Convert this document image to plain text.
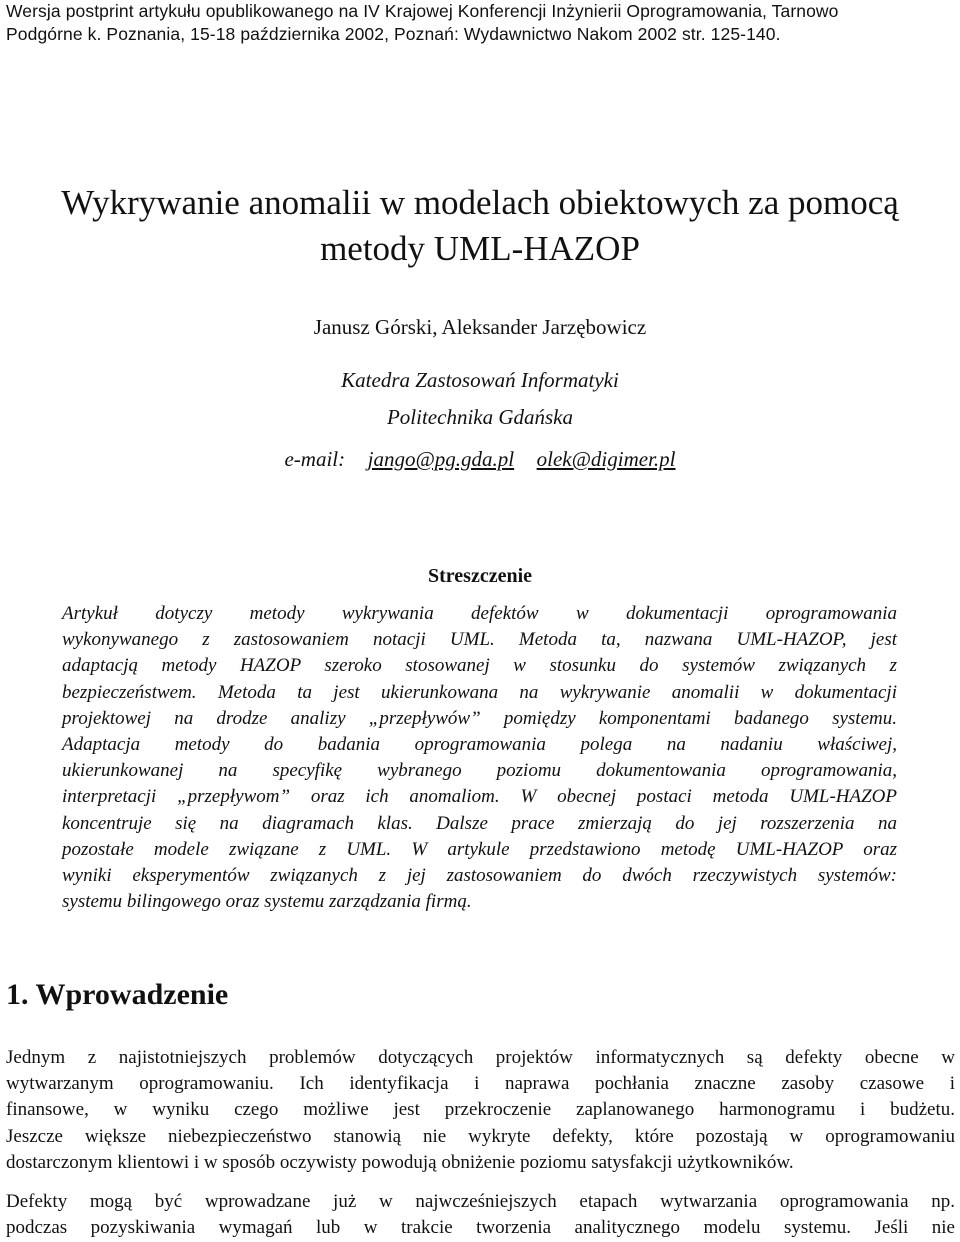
Wersja postprint artykułu opublikowanego na IV Krajowej Konferencji Inżynierii Oprogramowania, Tarnowo
Podgórne k. Poznania, 15-18 października 2002, Poznań: Wydawnictwo Nakom 2002 str. 125-140.
Wykrywanie anomalii w modelach obiektowych za pomocą
metody UML-HAZOP
Janusz Górski, Aleksander Jarzębowicz
Katedra Zastosowań Informatyki
Politechnika Gdańska
e-mail: jango@pg.gda.pl olek@digimer.pl
Streszczenie
Artykuł dotyczy metody wykrywania defektów w dokumentacji oprogramowania
wykonywanego z zastosowaniem notacji UML. Metoda ta, nazwana UML-HAZOP, jest
adaptacją metody HAZOP szeroko stosowanej w stosunku do systemów związanych z
bezpieczeństwem. Metoda ta jest ukierunkowana na wykrywanie anomalii w dokumentacji
projektowej na drodze analizy „przepływów” pomiędzy komponentami badanego systemu.
Adaptacja metody do badania oprogramowania polega na nadaniu właściwej,
ukierunkowanej na specyfikę wybranego poziomu dokumentowania oprogramowania,
interpretacji „przepływom” oraz ich anomaliom. W obecnej postaci metoda UML-HAZOP
koncentruje się na diagramach klas. Dalsze prace zmierzają do jej rozszerzenia na
pozostałe modele związane z UML. W artykule przedstawiono metodę UML-HAZOP oraz
wyniki eksperymentów związanych z jej zastosowaniem do dwóch rzeczywistych systemów:
systemu bilingowego oraz systemu zarządzania firmą.
1. Wprowadzenie
Jednym z najistotniejszych problemów dotyczących projektów informatycznych są defekty obecne w
wytwarzanym oprogramowaniu. Ich identyfikacja i naprawa pochłania znaczne zasoby czasowe i
finansowe, w wyniku czego możliwe jest przekroczenie zaplanowanego harmonogramu i budżetu.
Jeszcze większe niebezpieczeństwo stanowią nie wykryte defekty, które pozostają w oprogramowaniu
dostarczonym klientowi i w sposób oczywisty powodują obniżenie poziomu satysfakcji użytkowników.
Defekty mogą być wprowadzane już w najwcześniejszych etapach wytwarzania oprogramowania np.
podczas pozyskiwania wymagań lub w trakcie tworzenia analitycznego modelu systemu. Jeśli nie
